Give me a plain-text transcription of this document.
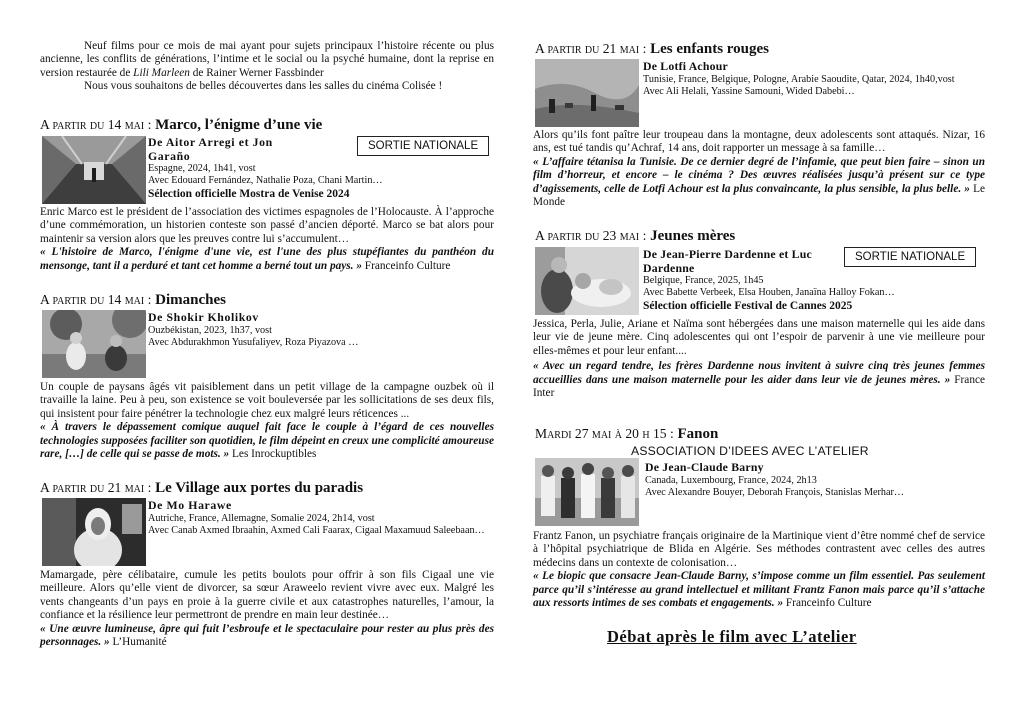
Neuf films pour ce mois de mai ayant pour sujets principaux l’histoire récente ou plus ancienne, les conflits de générations, l’intime et le social ou la psyché humaine, dont la reprise en version restaurée de Lili Marleen de Rainer Werner Fassbinder

Nous vous souhaitons de belles découvertes dans les salles du cinéma Colisée !

A partir du 14 mai : Marco, l’énigme d’une vie
De Aitor Arregi et Jon Garaño
Espagne, 2024, 1h41, vost
Avec Edouard Fernández, Nathalie Poza, Chani Martin…
Sélection officielle Mostra de Venise 2024
SORTIE NATIONALE

Enric Marco est le président de l’association des victimes espagnoles de l’Holocauste. À l’approche d’une commémoration, un historien conteste son passé d’ancien déporté. Marco se bat alors pour maintenir sa version alors que les preuves contre lui s’accumulent…

« L'histoire de Marco, l'énigme d'une vie, est l'une des plus stupéfiantes du panthéon du mensonge, tant il a perduré et tant cet homme a berné tout un pays. » Franceinfo Culture

A partir du 14 mai : Dimanches
De Shokir Kholikov
Ouzbékistan, 2023, 1h37, vost
Avec Abdurakhmon Yusufaliyev, Roza Piyazova …

Un couple de paysans âgés vit paisiblement dans un petit village de la campagne ouzbek où il travaille la laine. Peu à peu, son existence se voit bouleversée par les sollicitations de ses deux fils, qui insistent pour faire pénétrer la technologie chez eux malgré leurs réticences ...

« À travers le dépassement comique auquel fait face le couple à l’égard de ces nouvelles technologies supposées faciliter son quotidien, le film dépeint en creux une complicité amoureuse rare, […] de celle qui se passe de mots. » Les Inrockuptibles

A partir du 21 mai : Le Village aux portes du paradis
De Mo Harawe
Autriche, France, Allemagne, Somalie 2024, 2h14, vost
Avec Canab Axmed Ibraahin, Axmed Cali Faarax, Cigaal Maxamuud Saleebaan…

Mamargade, père célibataire, cumule les petits boulots pour offrir à son fils Cigaal une vie meilleure. Alors qu’elle vient de divorcer, sa sœur Araweelo revient vivre avec eux. Malgré les vents changeants d’un pays en proie à la guerre civile et aux catastrophes naturelles, l’amour, la confiance et la résilience leur permettront de prendre en main leur destinée…

« Une œuvre lumineuse, âpre qui fuit l’esbroufe et le spectaculaire pour rester au plus près des personnages. » L’Humanité

A partir du 21 mai : Les enfants rouges
De Lotfi Achour
Tunisie, France, Belgique, Pologne, Arabie Saoudite, Qatar, 2024, 1h40,vost
Avec Ali Helali, Yassine Samouni, Wided Dabebi…

Alors qu’ils font paître leur troupeau dans la montagne, deux adolescents sont attaqués. Nizar, 16 ans, est tué tandis qu’Achraf, 14 ans, doit rapporter un message à sa famille…

« L’affaire tétanisa la Tunisie. De ce dernier degré de l’infamie, que peut bien faire – sinon un film d’horreur, et encore – le cinéma ? Des œuvres réalisées jusqu’à présent sur ce type d’agissements, celle de Lotfi Achour est la plus convaincante, la plus sensible, la plus belle. » Le Monde

A partir du 23 mai : Jeunes mères
De Jean-Pierre Dardenne et Luc Dardenne
Belgique, France, 2025, 1h45
Avec Babette Verbeek, Elsa Houben, Janaïna Halloy Fokan…
Sélection officielle Festival de Cannes 2025
SORTIE NATIONALE

Jessica, Perla, Julie, Ariane et Naïma sont hébergées dans une maison maternelle qui les aide dans leur vie de jeune mère. Cinq adolescentes qui ont l’espoir de parvenir à une vie meilleure pour elles-mêmes et pour leur enfant....

« Avec un regard tendre, les frères Dardenne nous invitent à suivre cinq très jeunes femmes accueillies dans une maison maternelle pour les aider dans leur vie de jeunes mères. » France Inter

Mardi 27 mai à 20 h 15 : Fanon
ASSOCIATION D’IDEES AVEC L’ATELIER
De Jean-Claude Barny
Canada, Luxembourg, France, 2024, 2h13
Avec Alexandre Bouyer, Deborah François, Stanislas Merhar…

Frantz Fanon, un psychiatre français originaire de la Martinique vient d’être nommé chef de service à l’hôpital psychiatrique de Blida en Algérie. Ses méthodes contrastent avec celles des autres médecins dans un contexte de colonisation…

« Le biopic que consacre Jean-Claude Barny, s’impose comme un film essentiel. Pas seulement parce qu’il s’intéresse au grand intellectuel et militant Frantz Fanon mais parce qu’il s’attache aux ressorts intimes de ses combats et engagements. » Franceinfo Culture

Débat après le film avec L’atelier
